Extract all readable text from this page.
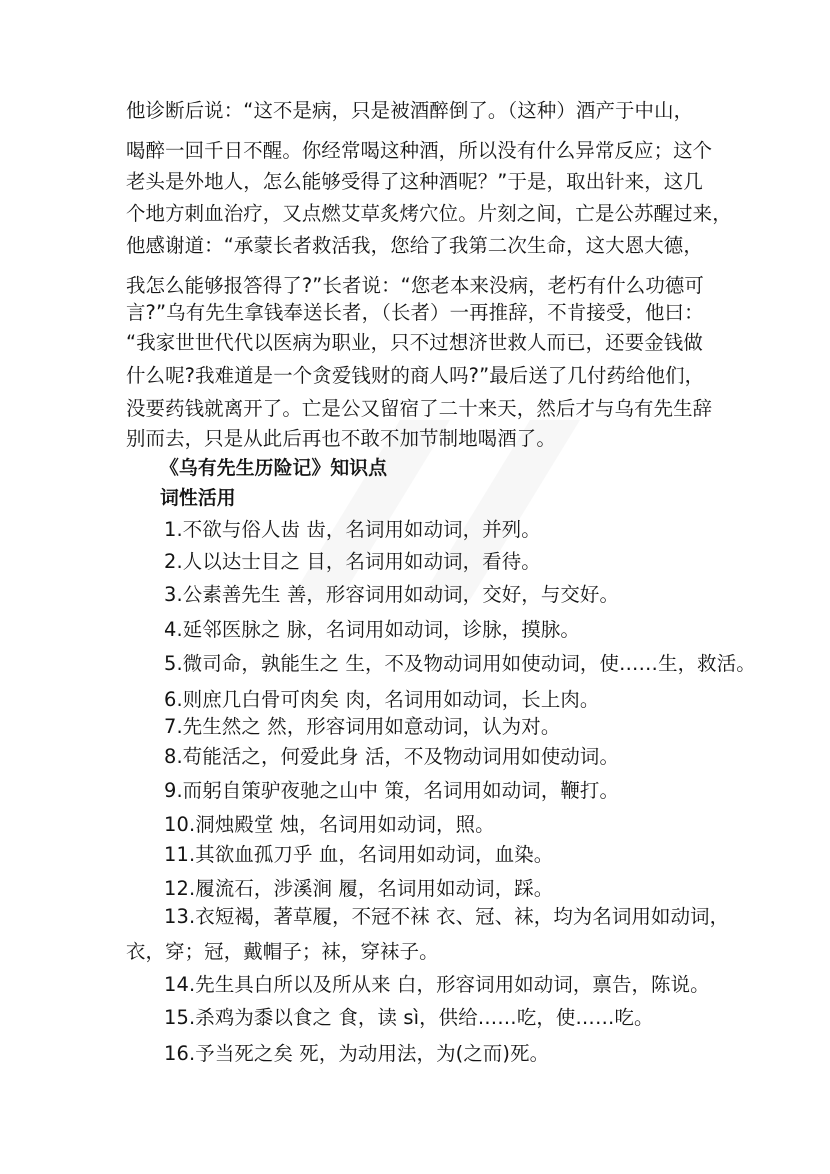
他诊断后说：“这不是病，只是被酒醉倒了。（这种）酒产于中山，
喝醉一回千日不醒。你经常喝这种酒，所以没有什么异常反应；这个
老头是外地人，怎么能够受得了这种酒呢？”于是，取出针来，这几
个地方刺血治疗，又点燃艾草炙烤穴位。片刻之间，亡是公苏醒过来，
他感谢道：“承蒙长者救活我，您给了我第二次生命，这大恩大德，
我怎么能够报答得了?”长者说：“您老本来没病，老朽有什么功德可
言?”乌有先生拿钱奉送长者，（长者）一再推辞，不肯接受，他曰：
“我家世世代代以医病为职业，只不过想济世救人而已，还要金钱做
什么呢?我难道是一个贪爱钱财的商人吗?”最后送了几付药给他们，
没要药钱就离开了。亡是公又留宿了二十来天，然后才与乌有先生辞
别而去，只是从此后再也不敢不加节制地喝酒了。
《乌有先生历险记》知识点
词性活用
1.不欲与俗人齿 齿，名词用如动词，并列。
2.人以达士目之 目，名词用如动词，看待。
3.公素善先生 善，形容词用如动词，交好，与交好。
4.延邻医脉之 脉，名词用如动词，诊脉，摸脉。
5.微司命，孰能生之 生，不及物动词用如使动词，使……生，救活。
6.则庶几白骨可肉矣 肉，名词用如动词，长上肉。
7.先生然之 然，形容词用如意动词，认为对。
8.苟能活之，何爱此身 活，不及物动词用如使动词。
9.而躬自策驴夜驰之山中 策，名词用如动词，鞭打。
10.洞烛殿堂 烛，名词用如动词，照。
11.其欲血孤刀乎 血，名词用如动词，血染。
12.履流石，涉溪涧 履，名词用如动词，踩。
13.衣短褐，著草履，不冠不袜 衣、冠、袜，均为名词用如动词，
衣，穿；冠，戴帽子；袜，穿袜子。
14.先生具白所以及所从来 白，形容词用如动词，禀告，陈说。
15.杀鸡为黍以食之 食，读 sì，供给……吃，使……吃。
16.予当死之矣 死，为动用法，为(之而)死。
